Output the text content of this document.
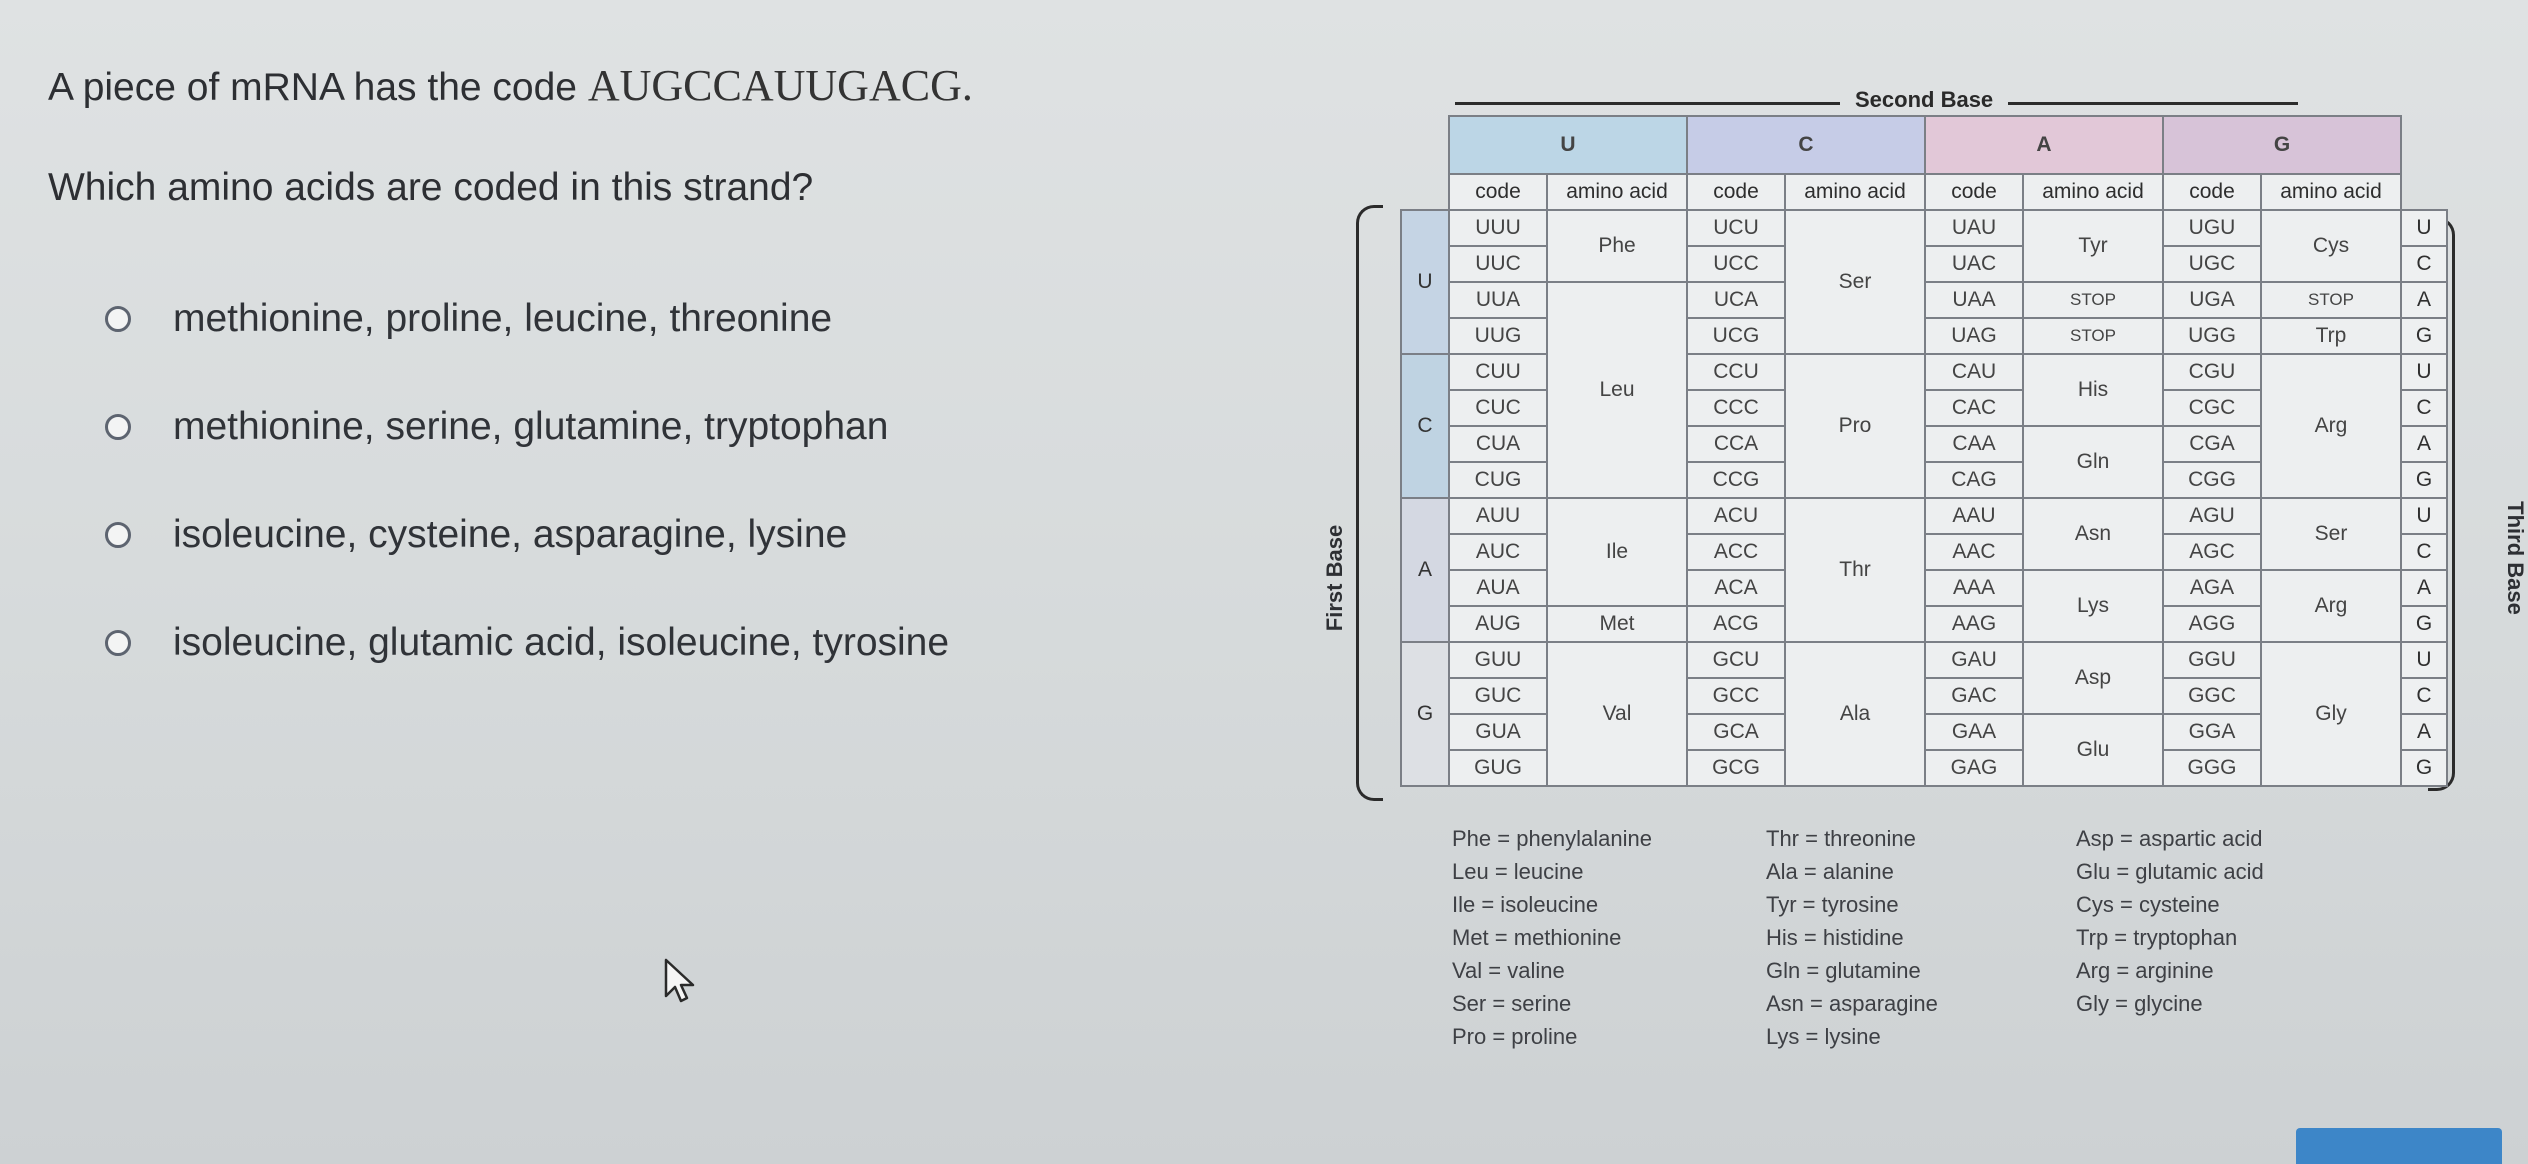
A piece of mRNA has the code AUGCCAUUGACG.
Which amino acids are coded in this strand?
methionine, proline, leucine, threonine
methionine, serine, glutamine, tryptophan
isoleucine, cysteine, asparagine, lysine
isoleucine, glutamic acid, isoleucine, tyrosine
Second Base
First Base	Third Base
	U		C		A		G		
	code	amino acid	code	amino acid	code	amino acid	code	amino acid	
U	UUU	Phe	UCU	Ser	UAU	Tyr	UGU	Cys	U
	UUC		UCC		UAC		UGC		C
	UUA	Leu	UCA		UAA	STOP	UGA	STOP	A
	UUG		UCG		UAG	STOP	UGG	Trp	G
C	CUU		CCU	Pro	CAU	His	CGU	Arg	U
	CUC		CCC		CAC		CGC		C
	CUA		CCA		CAA	Gln	CGA		A
	CUG		CCG		CAG		CGG		G
A	AUU	Ile	ACU	Thr	AAU	Asn	AGU	Ser	U
	AUC		ACC		AAC		AGC		C
	AUA		ACA		AAA	Lys	AGA	Arg	A
	AUG	Met	ACG		AAG		AGG		G
G	GUU	Val	GCU	Ala	GAU	Asp	GGU	Gly	U
	GUC		GCC		GAC		GGC		C
	GUA		GCA		GAA	Glu	GGA		A
	GUG		GCG		GAG		GGG		G
Phe = phenylalanine
Leu = leucine
Ile = isoleucine
Met = methionine
Val = valine
Ser = serine
Pro = proline
Thr = threonine
Ala = alanine
Tyr = tyrosine
His = histidine
Gln = glutamine
Asn = asparagine
Lys = lysine
Asp = aspartic acid
Glu = glutamic acid
Cys = cysteine
Trp = tryptophan
Arg = arginine
Gly = glycine
